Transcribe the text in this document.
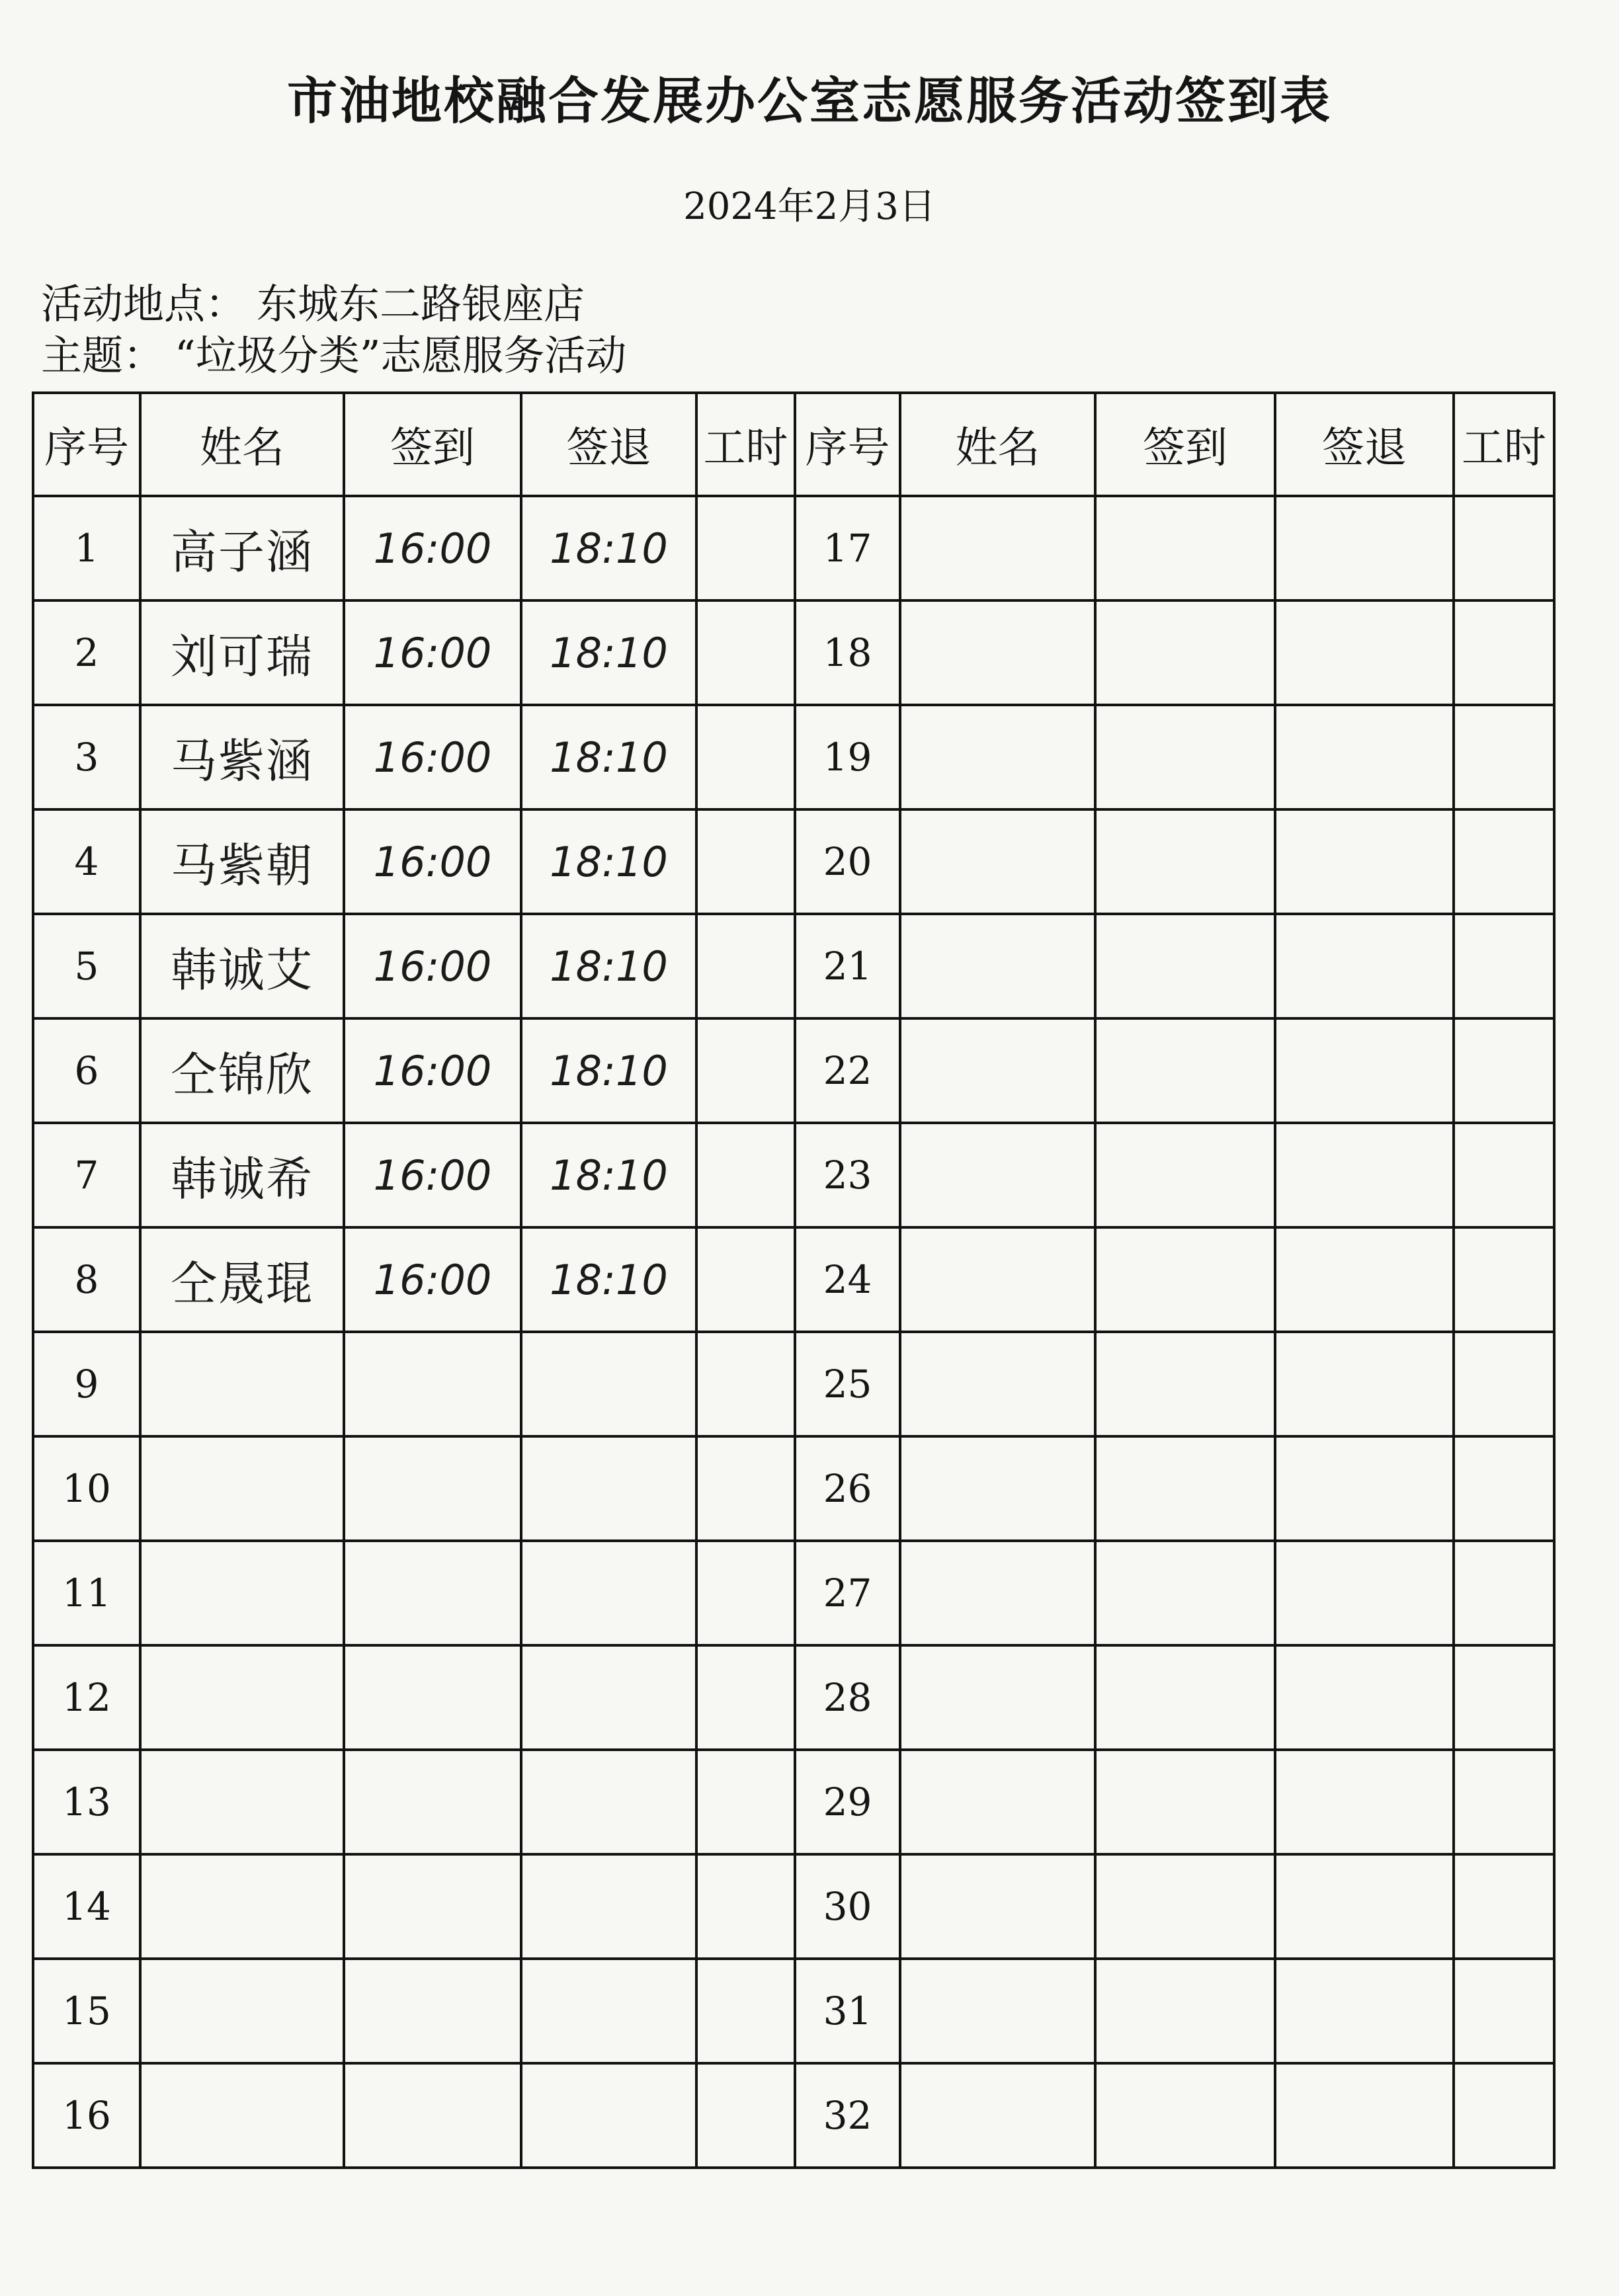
市油地校融合发展办公室志愿服务活动签到表
2024年2月3日
活动地点： 东城东二路银座店
主题： “垃圾分类”志愿服务活动
序号	姓名	签到	签退	工时	序号	姓名	签到	签退	工时
1	高子涵	16:00	18:10		17				
2	刘可瑞	16:00	18:10		18				
3	马紫涵	16:00	18:10		19				
4	马紫朝	16:00	18:10		20				
5	韩诚艾	16:00	18:10		21				
6	仝锦欣	16:00	18:10		22				
7	韩诚希	16:00	18:10		23				
8	仝晟琨	16:00	18:10		24				
9					25				
10					26				
11					27				
12					28				
13					29				
14					30				
15					31				
16					32				
